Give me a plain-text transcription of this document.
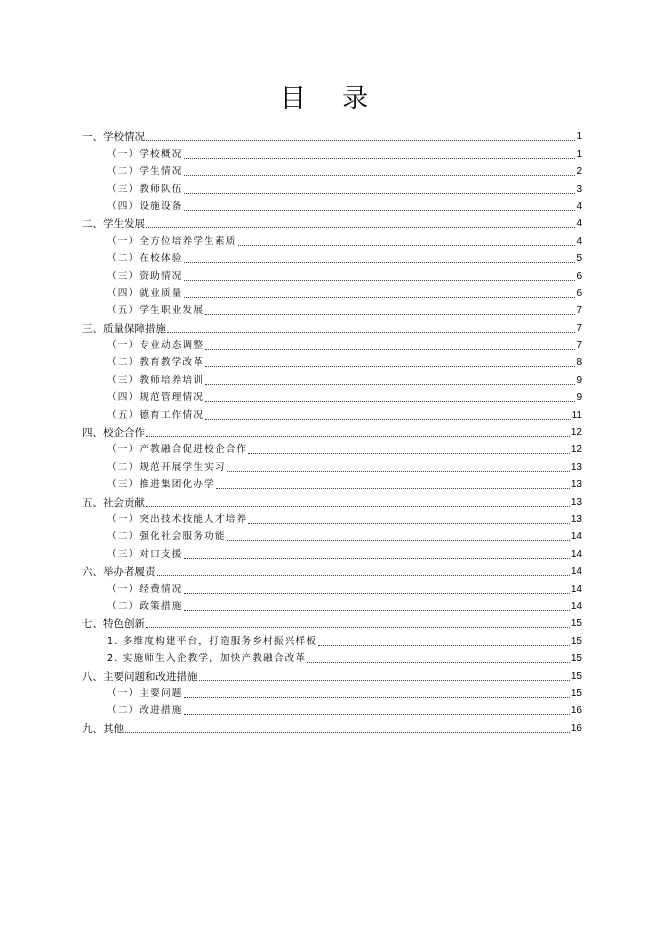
目 录
一、学校情况	1
（一）学校概况	1
（二）学生情况	2
（三）教师队伍	3
（四）设施设备	4
二、学生发展	4
（一）全方位培养学生素质	4
（二）在校体验	5
（三）资助情况	6
（四）就业质量	6
（五）学生职业发展	7
三、质量保障措施	7
（一）专业动态调整	7
（二）教育教学改革	8
（三）教师培养培训	9
（四）规范管理情况	9
（五）德育工作情况	11
四、校企合作	12
（一）产教融合促进校企合作	12
（二）规范开展学生实习	13
（三）推进集团化办学	13
五、社会贡献	13
（一）突出技术技能人才培养	13
（二）强化社会服务功能	14
（三）对口支援	14
六、举办者履责	14
（一）经费情况	14
（二）政策措施	14
七、特色创新	15
1. 多维度构建平台，打造服务乡村振兴样板	15
2. 实施师生入企教学，加快产教融合改革	15
八、主要问题和改进措施	15
（一）主要问题	15
（二）改进措施	16
九、其他	16
